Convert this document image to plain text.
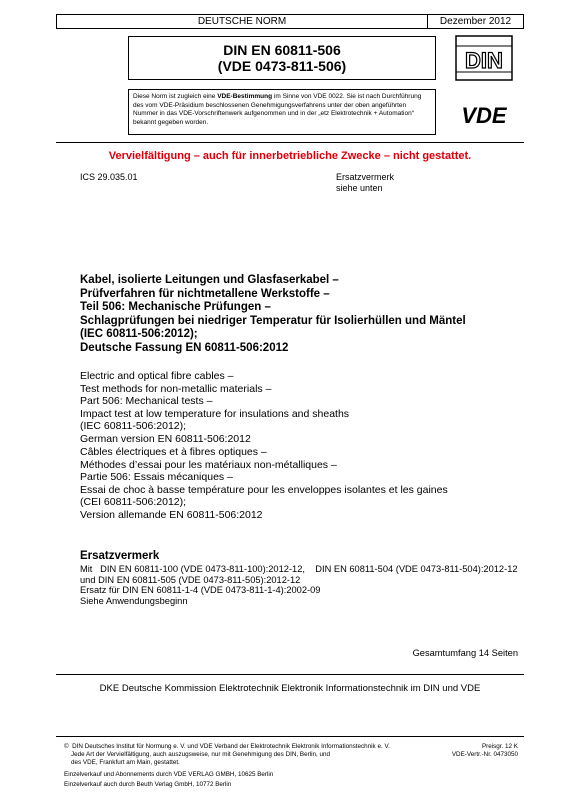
DEUTSCHE NORM	Dezember 2012
DIN EN 60811-506
(VDE 0473-811-506)	DIN
Diese Norm ist zugleich eine VDE-Bestimmung im Sinne von VDE 0022. Sie ist nach Durchführung des vom VDE-Präsidium beschlossenen Genehmigungsverfahrens unter der oben angeführten Nummer in das VDE-Vorschriftenwerk aufgenommen und in der „etz Elektrotechnik + Automation“ bekannt gegeben worden.	VDE
Vervielfältigung – auch für innerbetriebliche Zwecke – nicht gestattet.
ICS 29.035.01	Ersatzvermerk
siehe unten
Kabel, isolierte Leitungen und Glasfaserkabel –
Prüfverfahren für nichtmetallene Werkstoffe –
Teil 506: Mechanische Prüfungen –
Schlagprüfungen bei niedriger Temperatur für Isolierhüllen und Mäntel
(IEC 60811-506:2012);
Deutsche Fassung EN 60811-506:2012
Electric and optical fibre cables –
Test methods for non-metallic materials –
Part 506: Mechanical tests –
Impact test at low temperature for insulations and sheaths
(IEC 60811-506:2012);
German version EN 60811-506:2012
Câbles électriques et à fibres optiques –
Méthodes d’essai pour les matériaux non-métalliques –
Partie 506: Essais mécaniques –
Essai de choc à basse température pour les enveloppes isolantes et les gaines
(CEI 60811-506:2012);
Version allemande EN 60811-506:2012
Ersatzvermerk
Mit   DIN EN 60811-100 (VDE 0473-811-100):2012-12,    DIN EN 60811-504 (VDE 0473-811-504):2012-12
und DIN EN 60811-505 (VDE 0473-811-505):2012-12
Ersatz für DIN EN 60811-1-4 (VDE 0473-811-1-4):2002-09
Siehe Anwendungsbeginn
Gesamtumfang 14 Seiten
DKE Deutsche Kommission Elektrotechnik Elektronik Informationstechnik im DIN und VDE
©  DIN Deutsches Institut für Normung e. V. und VDE Verband der Elektrotechnik Elektronik Informationstechnik e. V.
Jede Art der Vervielfältigung, auch auszugsweise, nur mit Genehmigung des DIN, Berlin, und
des VDE, Frankfurt am Main, gestattet.
Preisgr. 12 K
VDE-Vertr.-Nr. 0473050
Einzelverkauf und Abonnements durch VDE VERLAG GMBH, 10625 Berlin
Einzelverkauf auch durch Beuth Verlag GmbH, 10772 Berlin
